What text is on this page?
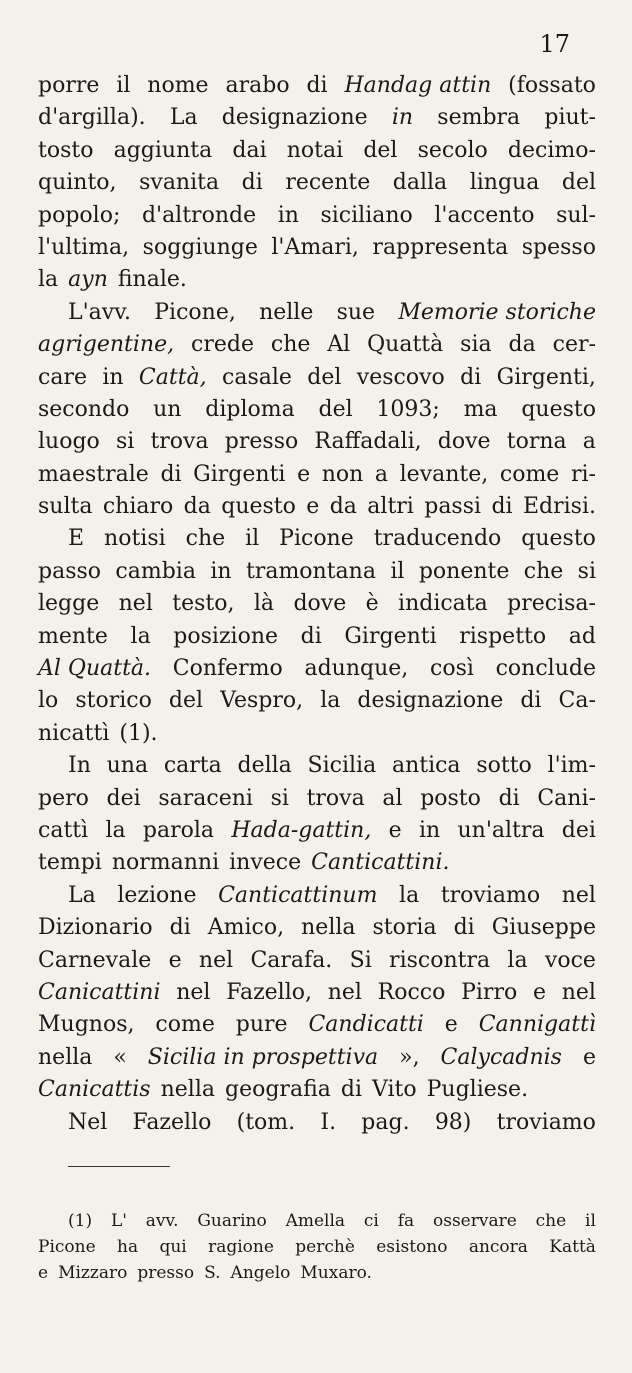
17
porre il nome arabo di Handag attin (fossato
d'argilla). La designazione in sembra piut-
tosto aggiunta dai notai del secolo decimo-
quinto, svanita di recente dalla lingua del
popolo; d'altronde in siciliano l'accento sul-
l'ultima, soggiunge l'Amari, rappresenta spesso
la ayn finale.
L'avv. Picone, nelle sue Memorie storiche
agrigentine, crede che Al Quattà sia da cer-
care in Cattà, casale del vescovo di Girgenti,
secondo un diploma del 1093; ma questo
luogo si trova presso Raffadali, dove torna a
maestrale di Girgenti e non a levante, come ri-
sulta chiaro da questo e da altri passi di Edrisi.
E notisi che il Picone traducendo questo
passo cambia in tramontana il ponente che si
legge nel testo, là dove è indicata precisa-
mente la posizione di Girgenti rispetto ad
Al Quattà. Confermo adunque, così conclude
lo storico del Vespro, la designazione di Ca-
nicattì (1).
In una carta della Sicilia antica sotto l'im-
pero dei saraceni si trova al posto di Cani-
cattì la parola Hada-gattin, e in un'altra dei
tempi normanni invece Canticattini.
La lezione Canticattinum la troviamo nel
Dizionario di Amico, nella storia di Giuseppe
Carnevale e nel Carafa. Si riscontra la voce
Canicattini nel Fazello, nel Rocco Pirro e nel
Mugnos, come pure Candicatti e Cannigattì
nella « Sicilia in prospettiva », Calycadnis e
Canicattis nella geografia di Vito Pugliese.
Nel Fazello (tom. I. pag. 98) troviamo
(1) L' avv. Guarino Amella ci fa osservare che il
Picone ha qui ragione perchè esistono ancora Kattà
e Mizzaro presso S. Angelo Muxaro.
